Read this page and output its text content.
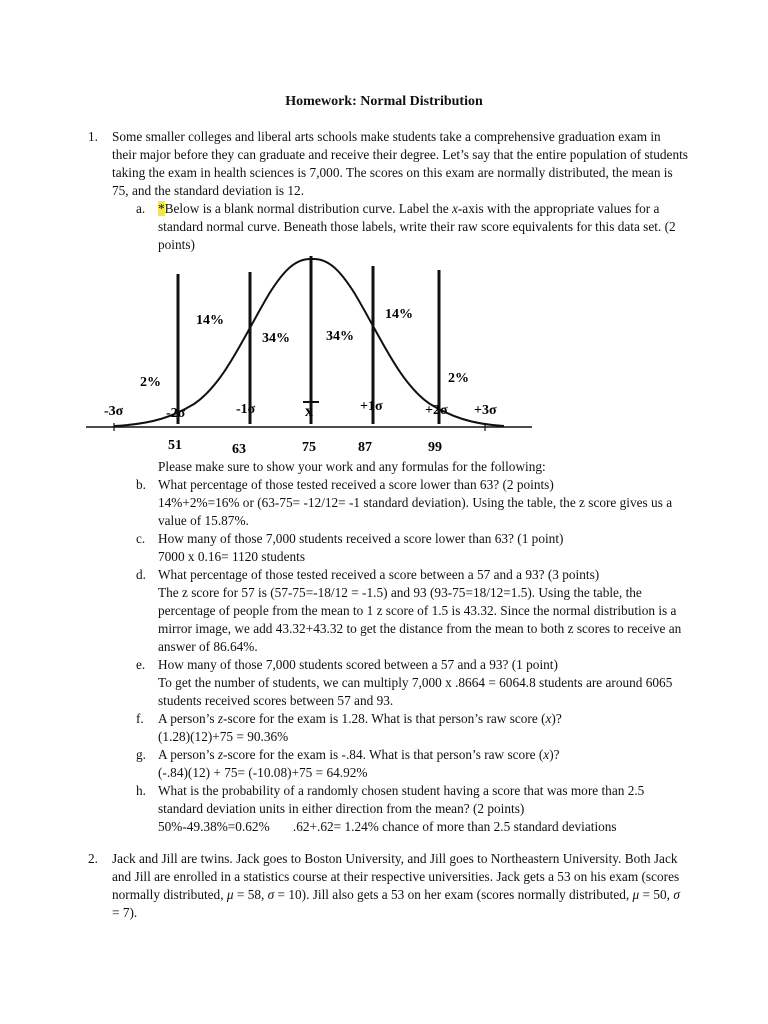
Homework: Normal Distribution
1. Some smaller colleges and liberal arts schools make students take a comprehensive graduation exam in their major before they can graduate and receive their degree. Let’s say that the entire population of students taking the exam in health sciences is 7,000. The scores on this exam are normally distributed, the mean is 75, and the standard deviation is 12.
a. *Below is a blank normal distribution curve. Label the x-axis with the appropriate values for a standard normal curve. Beneath those labels, write their raw score equivalents for this data set. (2 points)
14%
34%	34%
14%
2%	2%
-3σ	-2σ	-1σ	x	+1σ	+2σ +3σ
51	63	75	87	99
Please make sure to show your work and any formulas for the following:
b. What percentage of those tested received a score lower than 63? (2 points)
14%+2%=16% or (63-75= -12/12= -1 standard deviation). Using the table, the z score gives us a value of 15.87%.
c. How many of those 7,000 students received a score lower than 63? (1 point)
7000 x 0.16= 1120 students
d. What percentage of those tested received a score between a 57 and a 93? (3 points)
The z score for 57 is (57-75=-18/12 = -1.5) and 93 (93-75=18/12=1.5). Using the table, the percentage of people from the mean to 1 z score of 1.5 is 43.32. Since the normal distribution is a mirror image, we add 43.32+43.32 to get the distance from the mean to both z scores to receive an answer of 86.64%.
e. How many of those 7,000 students scored between a 57 and a 93? (1 point)
To get the number of students, we can multiply 7,000 x .8664 = 6064.8 students are around 6065 students received scores between 57 and 93.
f. A person’s z-score for the exam is 1.28. What is that person’s raw score (x)?
(1.28)(12)+75 = 90.36%
g. A person’s z-score for the exam is -.84. What is that person’s raw score (x)?
(-.84)(12) + 75= (-10.08)+75 = 64.92%
h. What is the probability of a randomly chosen student having a score that was more than 2.5 standard deviation units in either direction from the mean? (2 points)
50%-49.38%=0.62%       .62+.62= 1.24% chance of more than 2.5 standard deviations
2. Jack and Jill are twins. Jack goes to Boston University, and Jill goes to Northeastern University. Both Jack and Jill are enrolled in a statistics course at their respective universities. Jack gets a 53 on his exam (scores normally distributed, μ = 58, σ = 10). Jill also gets a 53 on her exam (scores normally distributed, μ = 50, σ = 7).
